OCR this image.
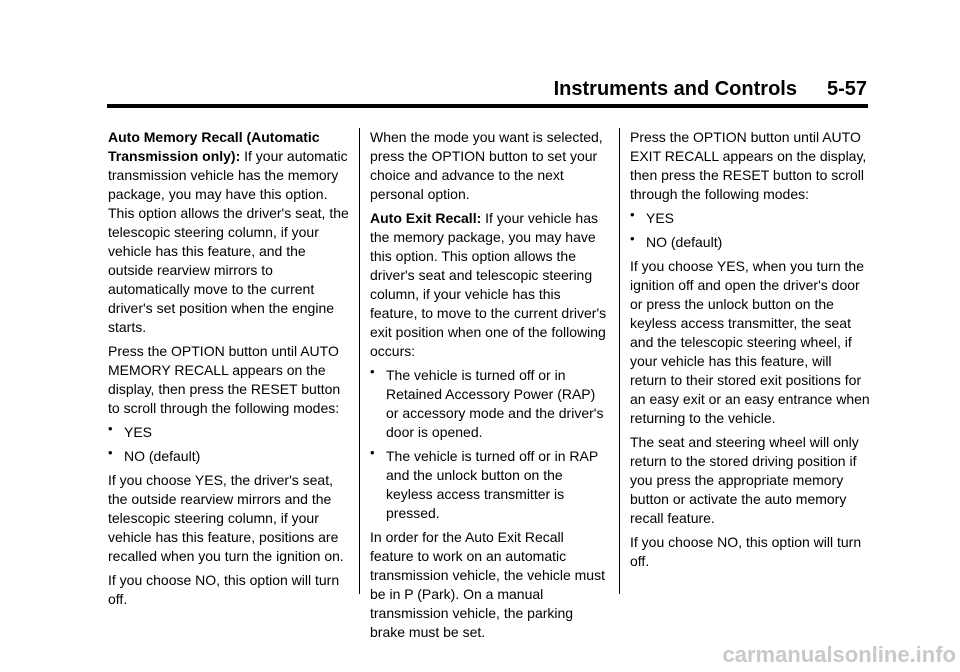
Instruments and Controls 5-57

Auto Memory Recall (Automatic Transmission only): If your automatic transmission vehicle has the memory package, you may have this option. This option allows the driver's seat, the telescopic steering column, if your vehicle has this feature, and the outside rearview mirrors to automatically move to the current driver's set position when the engine starts.

Press the OPTION button until AUTO MEMORY RECALL appears on the display, then press the RESET button to scroll through the following modes:

• YES
• NO (default)

If you choose YES, the driver's seat, the outside rearview mirrors and the telescopic steering column, if your vehicle has this feature, positions are recalled when you turn the ignition on.

If you choose NO, this option will turn off.

When the mode you want is selected, press the OPTION button to set your choice and advance to the next personal option.

Auto Exit Recall: If your vehicle has the memory package, you may have this option. This option allows the driver's seat and telescopic steering column, if your vehicle has this feature, to move to the current driver's exit position when one of the following occurs:

• The vehicle is turned off or in Retained Accessory Power (RAP) or accessory mode and the driver's door is opened.
• The vehicle is turned off or in RAP and the unlock button on the keyless access transmitter is pressed.

In order for the Auto Exit Recall feature to work on an automatic transmission vehicle, the vehicle must be in P (Park). On a manual transmission vehicle, the parking brake must be set.

Press the OPTION button until AUTO EXIT RECALL appears on the display, then press the RESET button to scroll through the following modes:

• YES
• NO (default)

If you choose YES, when you turn the ignition off and open the driver's door or press the unlock button on the keyless access transmitter, the seat and the telescopic steering wheel, if your vehicle has this feature, will return to their stored exit positions for an easy exit or an easy entrance when returning to the vehicle.

The seat and steering wheel will only return to the stored driving position if you press the appropriate memory button or activate the auto memory recall feature.

If you choose NO, this option will turn off.

carmanualsonline.info
